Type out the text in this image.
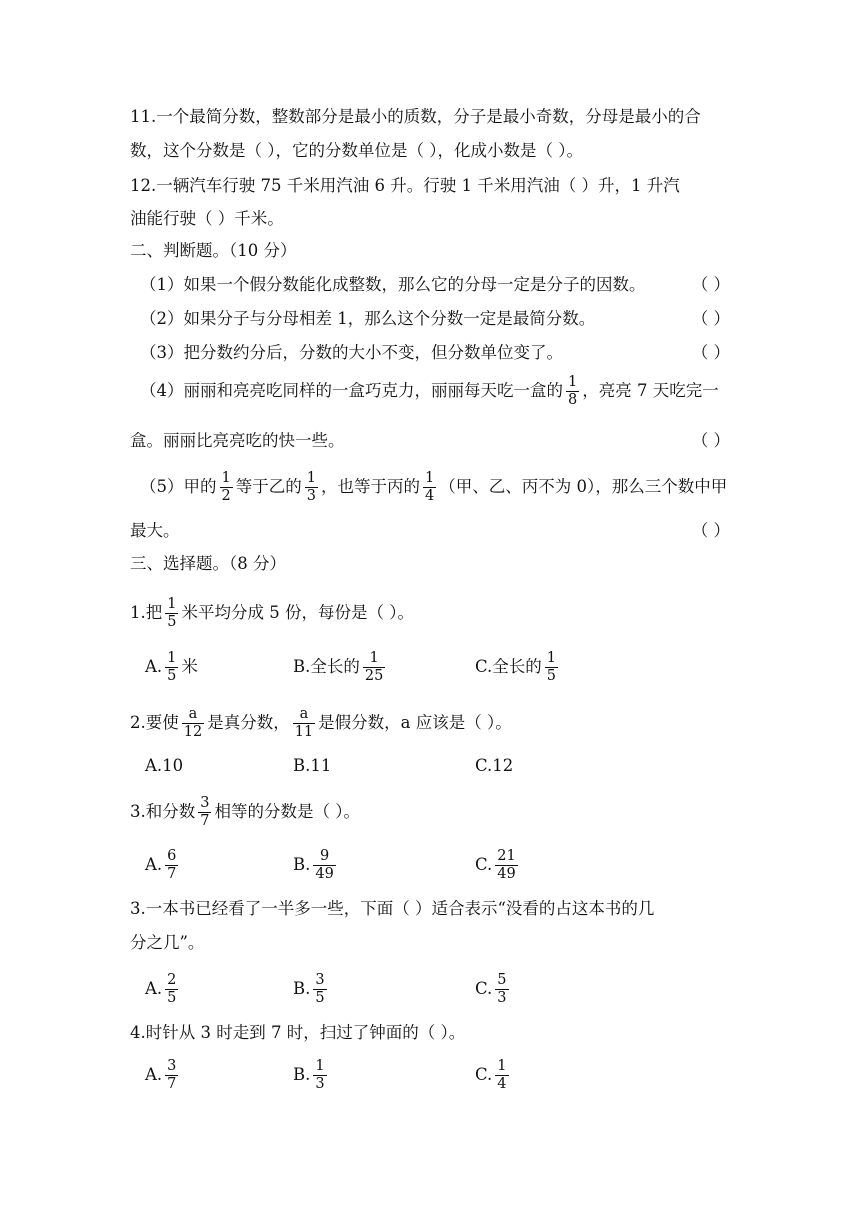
11.一个最简分数，整数部分是最小的质数，分子是最小奇数，分母是最小的合
数，这个分数是（ ），它的分数单位是（ ），化成小数是（ ）。
12.一辆汽车行驶 75 千米用汽油 6 升。行驶 1 千米用汽油（ ）升，1 升汽
油能行驶（ ）千米。
二、判断题。（10 分）
（1）如果一个假分数能化成整数，那么它的分母一定是分子的因数。	（ ）
（2）如果分子与分母相差 1，那么这个分数一定是最简分数。	（ ）
（3）把分数约分后，分数的大小不变，但分数单位变了。	（ ）
（4）丽丽和亮亮吃同样的一盒巧克力，丽丽每天吃一盒的 $\frac{1}{8}$ ，亮亮 7 天吃完一
盒。丽丽比亮亮吃的快一些。	（ ）
（5）甲的 $\frac{1}{2}$ 等于乙的 $\frac{1}{3}$ ，也等于丙的 $\frac{1}{4}$ （甲、乙、丙不为 0），那么三个数中甲
最大。	（ ）
三、选择题。（8 分）
1.把 $\frac{1}{5}$ 米平均分成 5 份，每份是（ ）。
A. $\frac{1}{5}$ 米	B.全长的 $\frac{1}{25}$	C.全长的 $\frac{1}{5}$
2.要使 $\frac{a}{12}$ 是真分数， $\frac{a}{11}$ 是假分数，a 应该是（ ）。
A.10	B.11	C.12
3.和分数 $\frac{3}{7}$ 相等的分数是（ ）。
A. $\frac{6}{7}$	B. $\frac{9}{49}$	C. $\frac{21}{49}$
3.一本书已经看了一半多一些，下面（ ）适合表示“没看的占这本书的几
分之几”。
A. $\frac{2}{5}$	B. $\frac{3}{5}$	C. $\frac{5}{3}$
4.时针从 3 时走到 7 时，扫过了钟面的（ ）。
A. $\frac{3}{7}$	B. $\frac{1}{3}$	C. $\frac{1}{4}$
